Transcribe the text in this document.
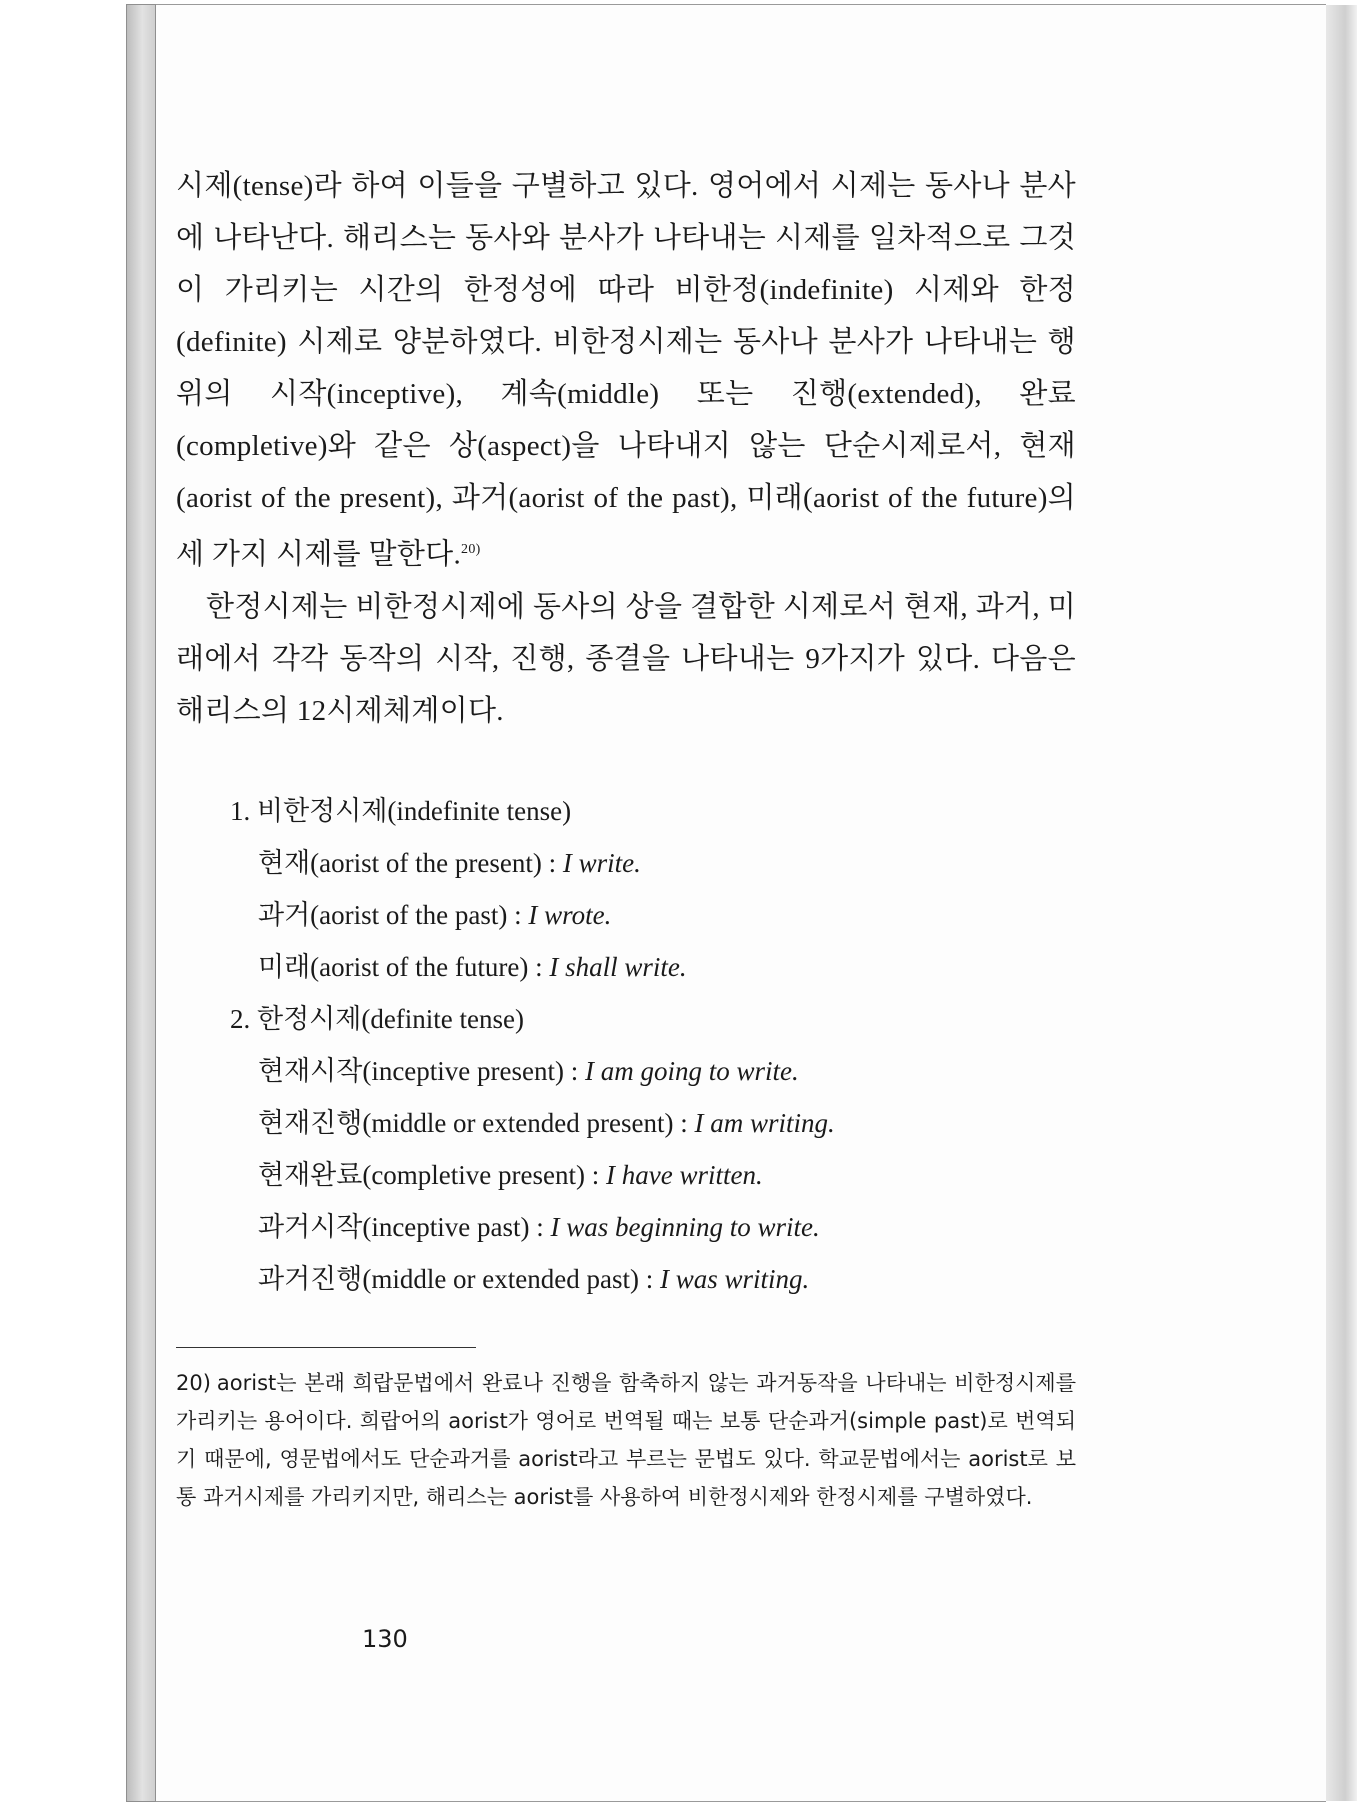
시제(tense)라 하여 이들을 구별하고 있다. 영어에서 시제는 동사나 분사에 나타난다. 해리스는 동사와 분사가 나타내는 시제를 일차적으로 그것이 가리키는 시간의 한정성에 따라 비한정(indefinite) 시제와 한정(definite) 시제로 양분하였다. 비한정시제는 동사나 분사가 나타내는 행위의 시작(inceptive), 계속(middle) 또는 진행(extended), 완료(completive)와 같은 상(aspect)을 나타내지 않는 단순시제로서, 현재(aorist of the present), 과거(aorist of the past), 미래(aorist of the future)의 세 가지 시제를 말한다.$^{20)}$

한정시제는 비한정시제에 동사의 상을 결합한 시제로서 현재, 과거, 미래에서 각각 동작의 시작, 진행, 종결을 나타내는 9가지가 있다. 다음은 해리스의 12시제체계이다.

1. 비한정시제(indefinite tense)
현재(aorist of the present) : I write.
과거(aorist of the past) : I wrote.
미래(aorist of the future) : I shall write.
2. 한정시제(definite tense)
현재시작(inceptive present) : I am going to write.
현재진행(middle or extended present) : I am writing.
현재완료(completive present) : I have written.
과거시작(inceptive past) : I was beginning to write.
과거진행(middle or extended past) : I was writing.
20) aorist는 본래 희랍문법에서 완료나 진행을 함축하지 않는 과거동작을 나타내는 비한정시제를 가리키는 용어이다. 희랍어의 aorist가 영어로 번역될 때는 보통 단순과거(simple past)로 번역되기 때문에, 영문법에서도 단순과거를 aorist라고 부르는 문법도 있다. 학교문법에서는 aorist로 보통 과거시제를 가리키지만, 해리스는 aorist를 사용하여 비한정시제와 한정시제를 구별하였다.
130
